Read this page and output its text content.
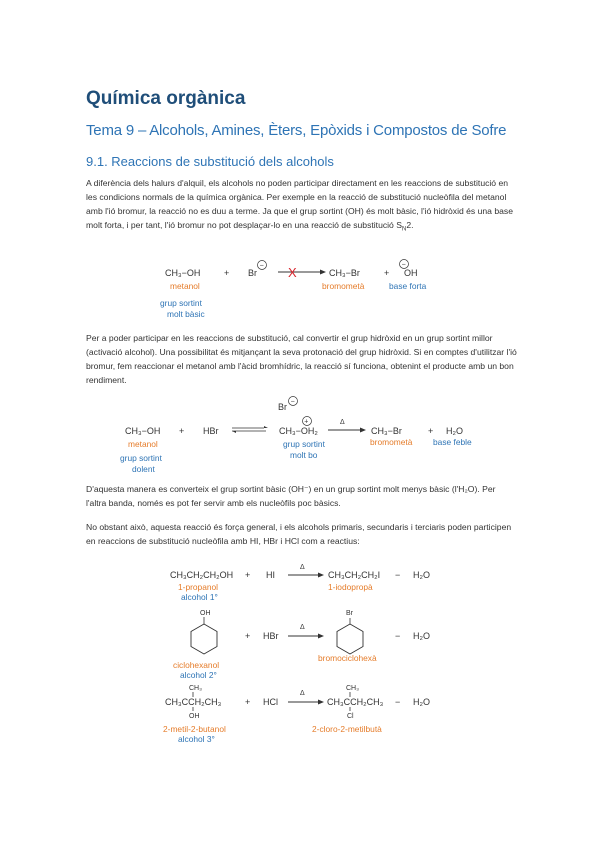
Química orgànica
Tema 9 – Alcohols, Amines, Èters, Epòxids i Compostos de Sofre
9.1. Reaccions de substitució dels alcohols

A diferència dels halurs d'alquil, els alcohols no poden participar directament en les reaccions de substitució en les condicions normals de la química orgànica. Per exemple en la reacció de substitució nucleòfila del metanol amb l'ió bromur, la reacció no es duu a terme. Ja que el grup sortint (OH) és molt bàsic, l'ió hidròxid és una base molt forta, i per tant, l'ió bromur no pot desplaçar-lo en una reacció de substitució $S_N2$.

CH₃−OH
metanol
grup sortint
molt bàsic
+ Br
− X	CH₃−Br
bromometà
+
−
OH
base forta

Per a poder participar en les reaccions de substitució, cal convertir el grup hidròxid en un grup sortint millor (activació alcohol). Una possibilitat és mitjançant la seva protonació del grup hidròxid. Si en comptes d'utilitzar l'ió bromur, fem reaccionar el metanol amb l'àcid bromhídric, la reacció sí funciona, obtenint el producte amb un bon rendiment.

CH₃−OH
metanol
grup sortint
dolent
+ HBr
Br −
+
CH₃−OH₂
grup sortint
molt bo
Δ
CH₃−Br
bromometà
+ H₂O
base feble

D'aquesta manera es converteix el grup sortint bàsic (OH⁻) en un grup sortint molt menys bàsic (l'H₂O). Per l'altra banda, només es pot fer servir amb els nucleòfils poc bàsics.

No obstant això, aquesta reacció és força general, i els alcohols primaris, secundaris i terciaris poden participen en reaccions de substitució nucleòfila amb HI, HBr i HCl com a reactius:

CH₃CH₂CH₂OH
1-propanol
alcohol 1°
+ HI
Δ
CH₃CH₂CH₂I
1-iodopropà
− H₂O
OH
ciclohexanol
alcohol 2°
+ HBr
Δ
Br
bromociclohexà
− H₂O
CH₃
CH₃CCH₂CH₃
OH
2-metil-2-butanol
alcohol 3°
+ HCl
Δ
CH₃
CH₃CCH₂CH₃
Cl
2-cloro-2-metilbutà
− H₂O
